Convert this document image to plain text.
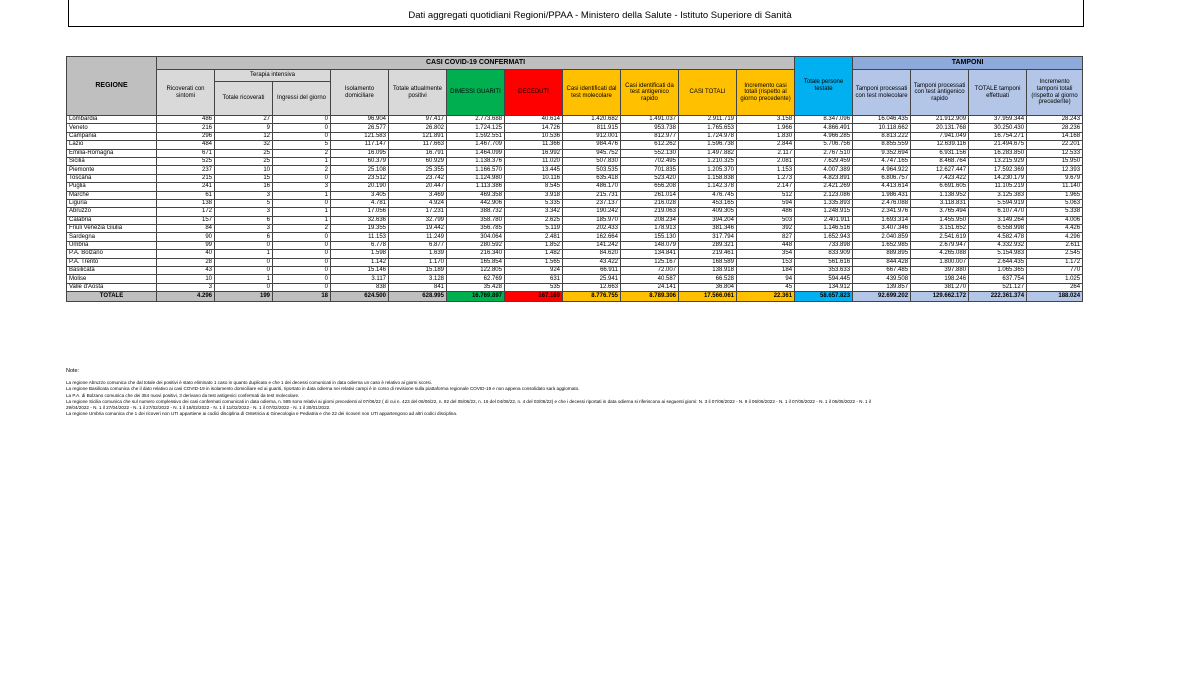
Dati aggregati quotidiani Regioni/PPAA - Ministero della Salute - Istituto Superiore di Sanità
REGIONE	CASI COVID-19 CONFERMATI											Totale persone testate	TAMPONI			
	Ricoverati con sintomi	Terapia intensiva		Isolamento domiciliare	Totale attualmente positivi	DIMESSI GUARITI	DECEDUTI	Casi identificati dal test molecolare	Casi identificati da test antigenico rapido	CASI TOTALI	Incremento casi totali (rispetto al giorno precedente)		Tamponi processati con test molecolare	Tamponi processati con test antigenico rapido	TOTALE tamponi effettuati	Incremento tamponi totali (rispetto al giorno precedente)
		Totale ricoverati	Ingressi del giorno													
Lombardia	486	27	0	96.904	97.417	2.773.688	40.614	1.420.682	1.491.037	2.911.719	3.158	8.347.096	16.046.435	21.912.909	37.959.344	28.243
Veneto	216	9	0	26.577	26.802	1.724.125	14.726	811.915	953.738	1.765.653	1.966	4.866.491	10.118.662	20.131.768	30.250.430	28.236
Campania	296	12	0	121.583	121.891	1.592.551	10.536	912.001	812.977	1.724.978	1.830	4.966.285	8.813.222	7.941.049	16.754.271	14.168
Lazio	484	32	5	117.147	117.663	1.467.709	11.366	984.476	612.262	1.596.738	2.844	5.706.756	8.855.559	12.639.116	21.494.675	22.201
Emilia-Romagna	671	25	2	16.095	16.791	1.464.099	16.992	945.752	552.130	1.497.882	2.117	2.767.510	9.352.694	6.931.156	16.283.850	12.533
Sicilia	525	25	1	60.379	60.929	1.138.376	11.020	507.830	702.495	1.210.325	2.081	7.629.459	4.747.165	8.468.764	13.215.929	15.950
Piemonte	237	10	2	25.108	25.355	1.166.570	13.445	503.535	701.835	1.205.370	1.153	4.007.389	4.964.922	12.627.447	17.592.369	12.393
Toscana	215	15	0	23.512	23.742	1.124.980	10.116	635.418	523.420	1.158.838	1.273	4.823.891	6.806.757	7.423.422	14.230.179	9.679
Puglia	241	16	3	20.190	20.447	1.113.386	8.545	486.170	656.208	1.142.378	2.147	2.421.269	4.413.614	6.691.605	11.105.219	11.140
Marche	61	3	1	3.405	3.469	469.358	3.918	215.731	261.014	476.745	512	2.123.086	1.986.431	1.138.952	3.125.383	1.965
Liguria	138	5	0	4.781	4.924	442.906	5.335	237.137	216.028	453.165	594	1.335.893	2.476.088	3.118.831	5.594.919	5.063
Abruzzo	172	3	1	17.056	17.231	388.732	3.342	190.242	219.063	409.305	486	1.248.915	2.341.976	3.765.494	6.107.470	5.338
Calabria	157	6	1	32.636	32.799	358.780	2.625	185.970	208.234	394.204	503	2.401.911	1.693.314	1.455.950	3.149.264	4.006
Friuli Venezia Giulia	84	3	2	19.355	19.442	356.785	5.119	202.433	178.913	381.346	392	1.146.516	3.407.346	3.151.652	6.558.998	4.426
Sardegna	90	6	0	11.153	11.249	304.064	2.481	162.664	155.130	317.794	827	1.652.943	2.040.859	2.541.619	4.582.478	4.296
Umbria	99	0	0	6.778	6.877	280.592	1.852	141.242	148.079	289.321	448	733.898	1.652.985	2.679.947	4.332.932	2.611
P.A. Bolzano	40	1	0	1.598	1.639	216.340	1.482	84.620	134.841	219.461	354	833.909	889.895	4.265.088	5.154.983	2.545
P.A. Trento	28	0	0	1.142	1.170	165.854	1.565	43.422	125.167	168.589	153	561.616	844.428	1.800.007	2.644.435	1.172
Basilicata	43	0	0	15.146	15.189	122.805	924	66.911	72.007	138.918	184	353.633	667.485	397.880	1.065.365	770
Molise	10	1	0	3.117	3.128	62.769	631	25.941	40.587	66.528	94	594.445	439.508	198.246	637.754	1.025
Valle d'Aosta	3	0	0	838	841	35.428	535	12.663	24.141	36.804	45	134.912	139.857	381.270	521.127	264
TOTALE	4.296	199	18	624.500	628.995	16.769.897	167.169	8.776.755	8.789.306	17.566.061	22.361	58.657.823	92.699.202	129.662.172	222.361.374	188.024
Note:

La regione Abruzzo comunica che dal totale dei positivi è stato eliminato 1 caso in quanto duplicato e che 1 dei decessi comunicati in data odierna un caso è relativo ai giorni scorsi.

La regione Basilicata comunica che il dato relativo ai casi COVID-19 in isolamento domiciliare ed ai guariti, riportato in data odierna nei relativi campi è in corso di revisione sulla piattaforma regionale COVID-19 e non appena consolidato sarà aggiornato.

La P.A. di Bolzano comunica che dei 354 nuovi positivi, 3 derivano da test antigenici confermati da test molecolare.

La regione Sicilia comunica che sul numero complessivo dei casi confermati comunicati in data odierna, n. 585 sono relativi ai giorni precedenti al 07/06/22 ( di cui n. 423 del 06/06/22, n. 92 del 05/06/22, n. 16 del 04/06/22, n. 4 del 03/06/22) e che i decessi riportati in data odierna si riferiscono ai seguenti giorni: N. 3 il 07/06/2022 - N. 9 il 06/06/2022 - N. 1 il 07/05/2022 - N. 1 il 06/05/2022 - N. 1 il

29/04/2022 - N. 1 il 27/04/2022 - N. 1 il 27/02/2022 - N. 1 il 18/02/2022 - N. 1 il 11/02/2022 - N. 1 il 07/02/2022 - N. 1 il 30/01/2022.

La regione Umbria comunica che 1 dei ricoveri non UTI appartiene ai codici disciplina di Ostetricia & Ginecologia e Pediatria e che 22 dei ricoveri non UTI appartengono ad altri codici disciplina.
